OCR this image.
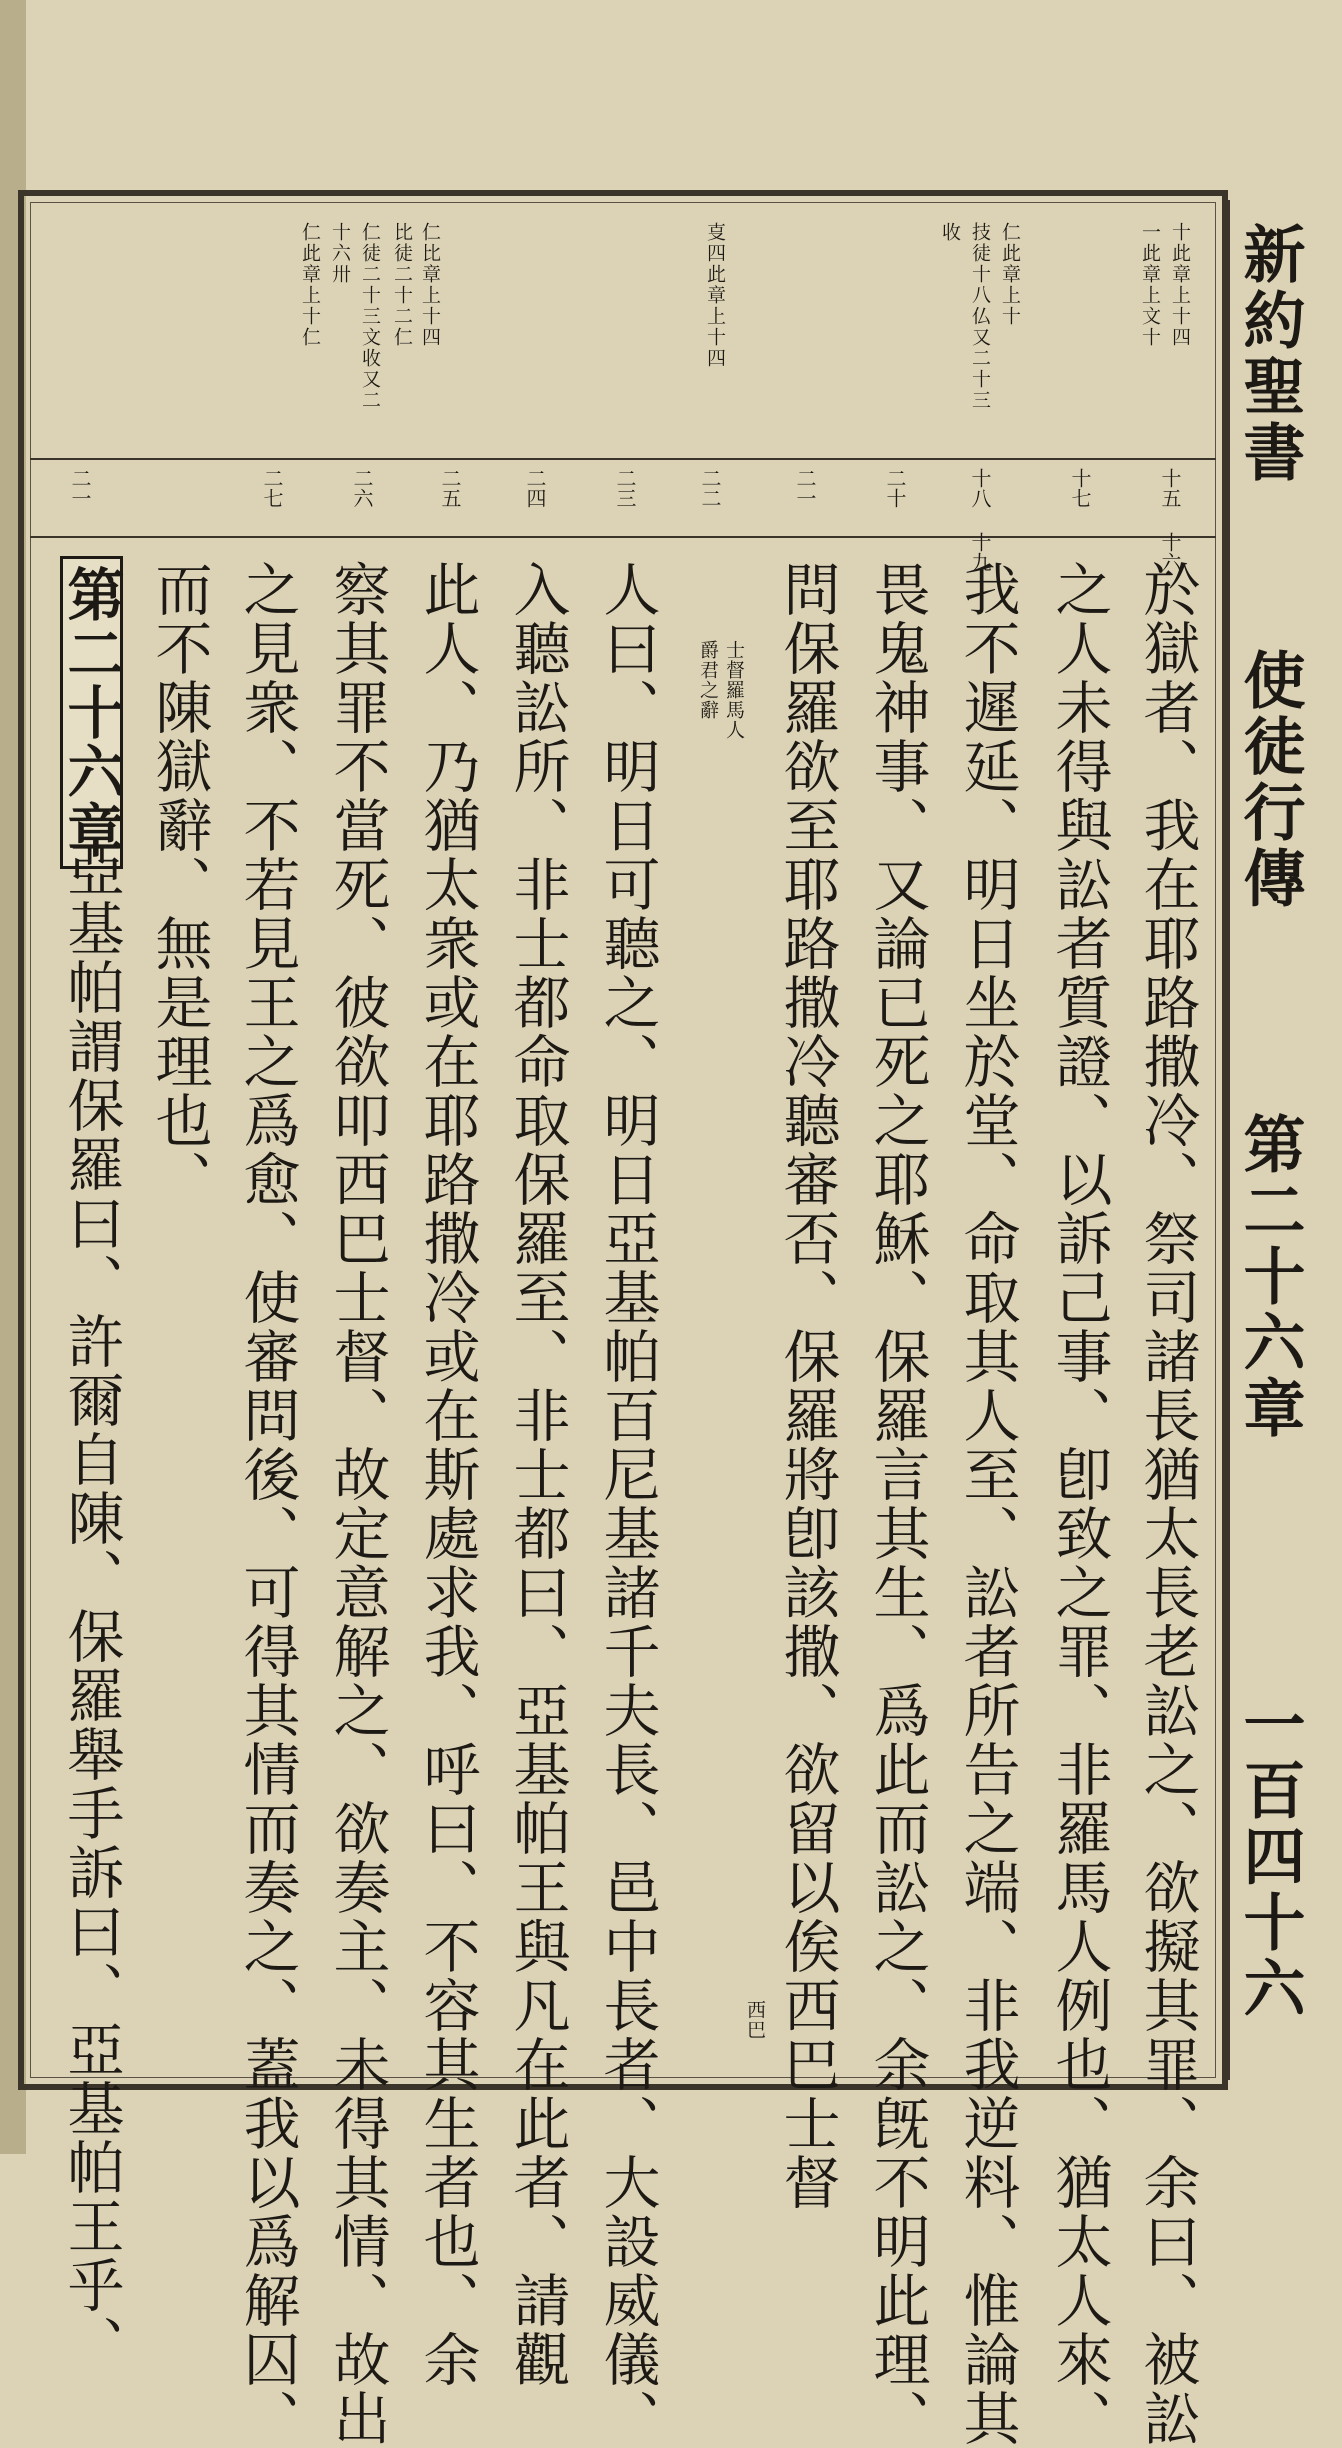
新約聖書
使徒行傳
第二十六章
一百四十六
十此章上十四
一此章上文十
仁此章上十
技徒十八仏又二十三
收
㕝四此章上十四
仁比章上十四
比徒二十二仁
仁徒二十三文收又二
十六卅
仁此章上十仁
十五 十六
十七
十八 十九
二十
二一
二二
二三
二四
二五
二六
二七
二一
於獄者、我在耶路撒冷、祭司諸長猶太長老訟之、欲擬其罪、余曰、被訟
之人未得與訟者質證、以訴己事、卽致之罪、非羅馬人例也、猶太人來、
我不遲延、明日坐於堂、命取其人至、訟者所告之端、非我逆料、惟論其
畏鬼神事、又論已死之耶穌、保羅言其生、爲此而訟之、余旣不明此理、
問保羅欲至耶路撒冷聽審否、保羅將卽該撒、欲留以俟西巴士督
士督羅馬人
爵君之辭
西巴
人曰、明日可聽之、明日亞基帕百尼基諸千夫長、邑中長者、大設威儀、
入聽訟所、非士都命取保羅至、非士都曰、亞基帕王與凡在此者、請觀
此人、乃猶太衆或在耶路撒冷或在斯處求我、呼曰、不容其生者也、余
察其罪不當死、彼欲叩西巴士督、故定意解之、欲奏主、未得其情、故出
之見衆、不若見王之爲愈、使審問後、可得其情而奏之、蓋我以爲解囚、
而不陳獄辭、無是理也、
第二十六章
亞基帕謂保羅曰、許爾自陳、保羅舉手訴曰、亞基帕王乎、
